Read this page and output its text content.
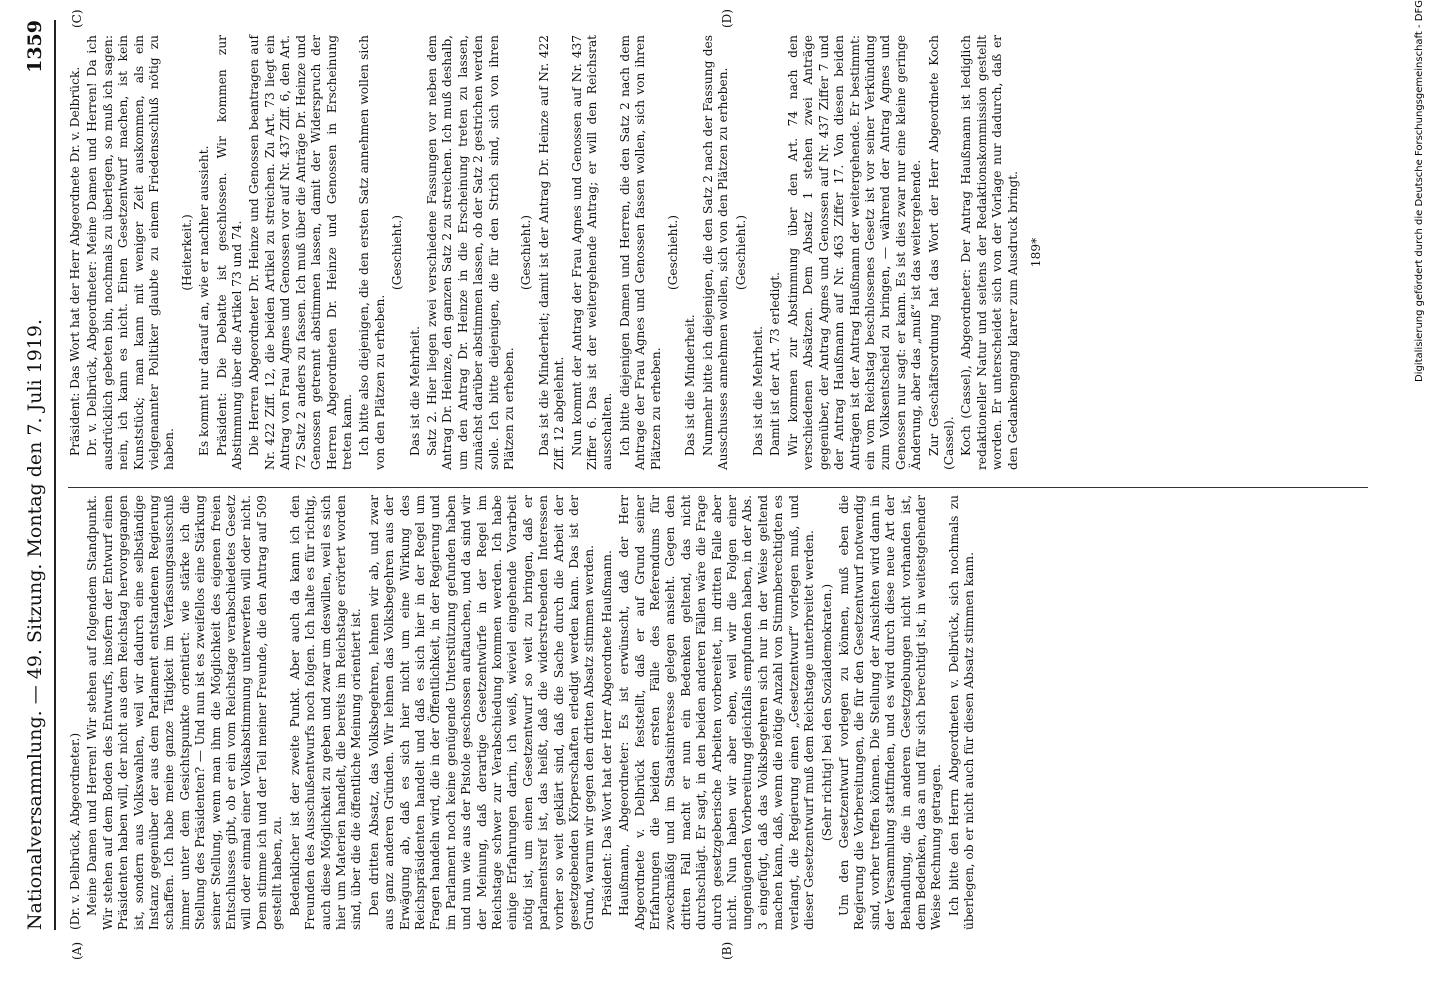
Nationalversammlung. — 49. Sitzung. Montag den 7. Juli 1919.
1359
(A)	(B)
(C)	(D)

(Dr. v. Delbrück, Abgeordneter.) Meine Damen und Herren! Wir stehen auf folgendem Standpunkt. Wir stehen auf dem Boden des Entwurfs, insofern der Entwurf einen Präsidenten haben will, der nicht aus dem Reichstag hervorgegangen ist, sondern aus Volkswahlen, weil wir dadurch eine selbständige Instanz gegenüber der aus dem Parlament entstandenen Regierung schaffen. Ich habe meine ganze Tätigkeit im Verfassungsausschuß immer unter dem Gesichtspunkte orientiert: wie stärke ich die Stellung des Präsidenten? — Und nun ist es zweifellos eine Stärkung seiner Stellung, wenn man ihm die Möglichkeit des eigenen freien Entschlusses gibt, ob er ein vom Reichstage verabschiedetes Gesetz will oder einmal einer Volksabstimmung unterwerfen will oder nicht. Dem stimme ich und der Teil meiner Freunde, die den Antrag auf 509 gestellt haben, zu. Bedenklicher ist der zweite Punkt. Aber auch da kann ich den Freunden des Ausschußentwurfs noch folgen. Ich halte es für richtig, auch diese Möglichkeit zu geben und zwar um deswillen, weil es sich hier um Materien handelt, die bereits im Reichstage erörtert worden sind, über die die öffentliche Meinung orientiert ist. Den dritten Absatz, das Volksbegehren, lehnen wir ab, und zwar aus ganz anderen Gründen. Wir lehnen das Volksbegehren aus der Erwägung ab, daß es sich hier nicht um eine Wirkung des Reichspräsidenten handelt und daß es sich hier in der Regel um Fragen handeln wird, die in der Öffentlichkeit, in der Regierung und im Parlament noch keine genügende Unterstützung gefunden haben und nun wie aus der Pistole geschossen auftauchen, und da sind wir der Meinung, daß derartige Gesetzentwürfe in der Regel im Reichstage schwer zur Verabschiedung kommen werden. Ich habe einige Erfahrungen darin, ich weiß, wieviel eingehende Vorarbeit nötig ist, um einen Gesetzentwurf so weit zu bringen, daß er parlamentsreif ist, das heißt, daß die widerstrebenden Interessen vorher so weit geklärt sind, daß die Sache durch die Arbeit der gesetzgebenden Körperschaften erledigt werden kann. Das ist der Grund, warum wir gegen den dritten Absatz stimmen werden. Präsident: Das Wort hat der Herr Abgeordnete Haußmann. Haußmann, Abgeordneter: Es ist erwünscht, daß der Herr Abgeordnete v. Delbrück feststellt, daß er auf Grund seiner Erfahrungen die beiden ersten Fälle des Referendums für zweckmäßig und im Staatsinteresse gelegen ansieht. Gegen den dritten Fall macht er nun ein Bedenken geltend, das nicht durchschlägt. Er sagt, in den beiden anderen Fällen wäre die Frage durch gesetzgeberische Arbeiten vorbereitet, im dritten Falle aber nicht. Nun haben wir aber eben, weil wir die Folgen einer ungenügenden Vorbereitung gleichfalls empfunden haben, in der Abs. 3 eingefügt, daß das Volksbegehren sich nur in der Weise geltend machen kann, daß, wenn die nötige Anzahl von Stimmberechtigten es verlangt, die Regierung einen „Gesetzentwurf“ vorlegen muß, und dieser Gesetzentwurf muß dem Reichstage unterbreitet werden. (Sehr richtig! bei den Sozialdemokraten.) Um den Gesetzentwurf vorlegen zu können, muß eben die Regierung die Vorbereitungen, die für den Gesetzentwurf notwendig sind, vorher treffen können. Die Stellung der Ansichten wird dann in der Versammlung stattfinden, und es wird durch diese neue Art der Behandlung, die in anderen Gesetzgebungen nicht vorhanden ist, dem Bedenken, das an und für sich berechtigt ist, in weitestgehender Weise Rechnung getragen. Ich bitte den Herrn Abgeordneten v. Delbrück, sich nochmals zu überlegen, ob er nicht auch für diesen Absatz stimmen kann.

Präsident: Das Wort hat der Herr Abgeordnete Dr. v. Delbrück. Dr. v. Delbrück, Abgeordneter: Meine Damen und Herren! Da ich ausdrücklich gebeten bin, nochmals zu überlegen, so muß ich sagen: nein, ich kann es nicht. Einen Gesetzentwurf machen, ist kein Kunststück; man kann mit weniger Zeit auskommen, als ein vielgenannter Politiker glaubte zu einem Friedensschluß nötig zu haben.

(Heiterkeit.) Es kommt nur darauf an, wie er nachher aussieht. Präsident: Die Debatte ist geschlossen. Wir kommen zur Abstimmung über die Artikel 73 und 74. Die Herren Abgeordneter Dr. Heinze und Genossen beantragen auf Nr. 422 Ziff. 12, die beiden Artikel zu streichen. Zu Art. 73 liegt ein Antrag von Frau Agnes und Genossen vor auf Nr. 437 Ziff. 6, den Art. 72 Satz 2 anders zu fassen. Ich muß über die Anträge Dr. Heinze und Genossen getrennt abstimmen lassen, damit der Widerspruch der Herren Abgeordneten Dr. Heinze und Genossen in Erscheinung treten kann. Ich bitte also diejenigen, die den ersten Satz annehmen wollen sich von den Plätzen zu erheben.

(Geschieht.)

Das ist die Mehrheit. Satz 2. Hier liegen zwei verschiedene Fassungen vor neben dem Antrag Dr. Heinze, den ganzen Satz 2 zu streichen. Ich muß deshalb, um den Antrag Dr. Heinze in die Erscheinung treten zu lassen, zunächst darüber abstimmen lassen, ob der Satz 2 gestrichen werden solle. Ich bitte diejenigen, die für den Strich sind, sich von ihren Plätzen zu erheben.

(Geschieht.) Das ist die Minderheit; damit ist der Antrag Dr. Heinze auf Nr. 422 Ziff. 12 abgelehnt. Nun kommt der Antrag der Frau Agnes und Genossen auf Nr. 437 Ziffer 6. Das ist der weitergehende Antrag; er will den Reichsrat ausschalten. Ich bitte diejenigen Damen und Herren, die den Satz 2 nach dem Antrage der Frau Agnes und Genossen fassen wollen, sich von ihren Plätzen zu erheben.

(Geschieht.)

Das ist die Minderheit. Nunmehr bitte ich diejenigen, die den Satz 2 nach der Fassung des Ausschusses annehmen wollen, sich von den Plätzen zu erheben. (Geschieht.)

Das ist die Mehrheit. Damit ist der Art. 73 erledigt. Wir kommen zur Abstimmung über den Art. 74 nach den verschiedenen Absätzen. Dem Absatz 1 stehen zwei Anträge gegenüber, der Antrag Agnes und Genossen auf Nr. 437 Ziffer 7 und der Antrag Haußmann auf Nr. 463 Ziffer 17. Von diesen beiden Anträgen ist der Antrag Haußmann der weitergehende. Er bestimmt: ein vom Reichstag beschlossenes Gesetz ist vor seiner Verkündung zum Volksentscheid zu bringen, — während der Antrag Agnes und Genossen nur sagt: er kann. Es ist dies zwar nur eine kleine geringe Änderung, aber das „muß“ ist das weitergehende. Zur Geschäftsordnung hat das Wort der Herr Abgeordnete Koch (Cassel). Koch (Cassel), Abgeordneter: Der Antrag Haußmann ist lediglich redaktioneller Natur und seitens der Redaktionskommission gestellt worden. Er unterscheidet sich von der Vorlage nur dadurch, daß er den Gedankengang klarer zum Ausdruck bringt. 189*	Digitalisierung gefördert durch die Deutsche Forschungsgemeinschaft - DFG
